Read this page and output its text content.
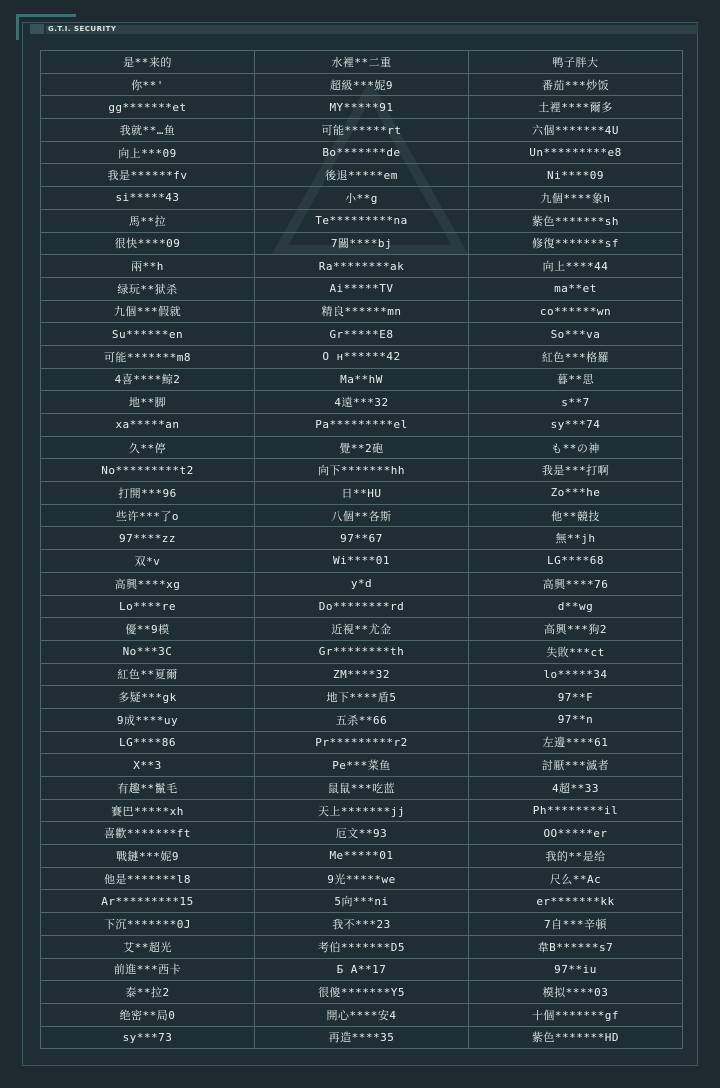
G.T.I. SECURITY
是**来的	水裡**二重	鸭子胖大
你**'	超級***妮9	番茄***炒饭
gg*******et	MY*****91	土裡****爾多
我就**…鱼	可能******rt	六個*******4U
向上***09	Bo*******de	Un*********e8
我是******fv	後退*****em	Ni****09
si*****43	小**g	九個****象h
馬**拉	Te*********na	紫色*******sh
很快****09	7關****bj	修復*******sf
兩**h	Ra********ak	向上****44
绿玩**狱杀	Ai*****TV	ma**et
九個***假就	精良******mn	co******wn
Su******en	Gr*****E8	So***va
可能*******m8	О н******42	紅色***格羅
4喜****鲸2	Ma**hW	暮**思
地**脚	4遠***32	s**7
xa*****an	Pa*********el	sy***74
久**停	覺**2砲	も**の神
No*********t2	向下*******hh	我是***打啊
打開***96	日**HU	Zo***he
些许***了o	八個**各斯	他**競技
97****zz	97**67	無**jh
双*v	Wi****01	LG****68
高興****xg	y*d	高興****76
Lo****re	Do********rd	d**wg
優**9模	近視**尤金	高興***狗2
No***3C	Gr********th	失敗***ct
紅色**夏爾	ZM****32	lo*****34
多疑***gk	地下****盾5	97**F
9成****uy	五杀**66	97**n
LG****86	Pr*********r2	左邊****61
X**3	Pe***菜鱼	討厭***滅者
有趣**鬣毛	鼠鼠***吃蓝	4超**33
賽巴*****xh	天上*******jj	Ph********il
喜歡*******ft	厄文**93	OO*****er
戰鏈***妮9	Me*****01	我的**是给
他是*******l8	9光*****we	尺么**Ac
Ar*********15	5向***ni	er*******kk
下沉*******0J	我不***23	7自***辛頓
艾**超光	考伯*******D5	韋B******s7
前進***西卡	Б А**17	97**iu
泰**拉2	很傻*******Y5	模拟****03
绝密**局0	開心****安4	十個*******gf
sy***73	再造****35	紫色*******HD
